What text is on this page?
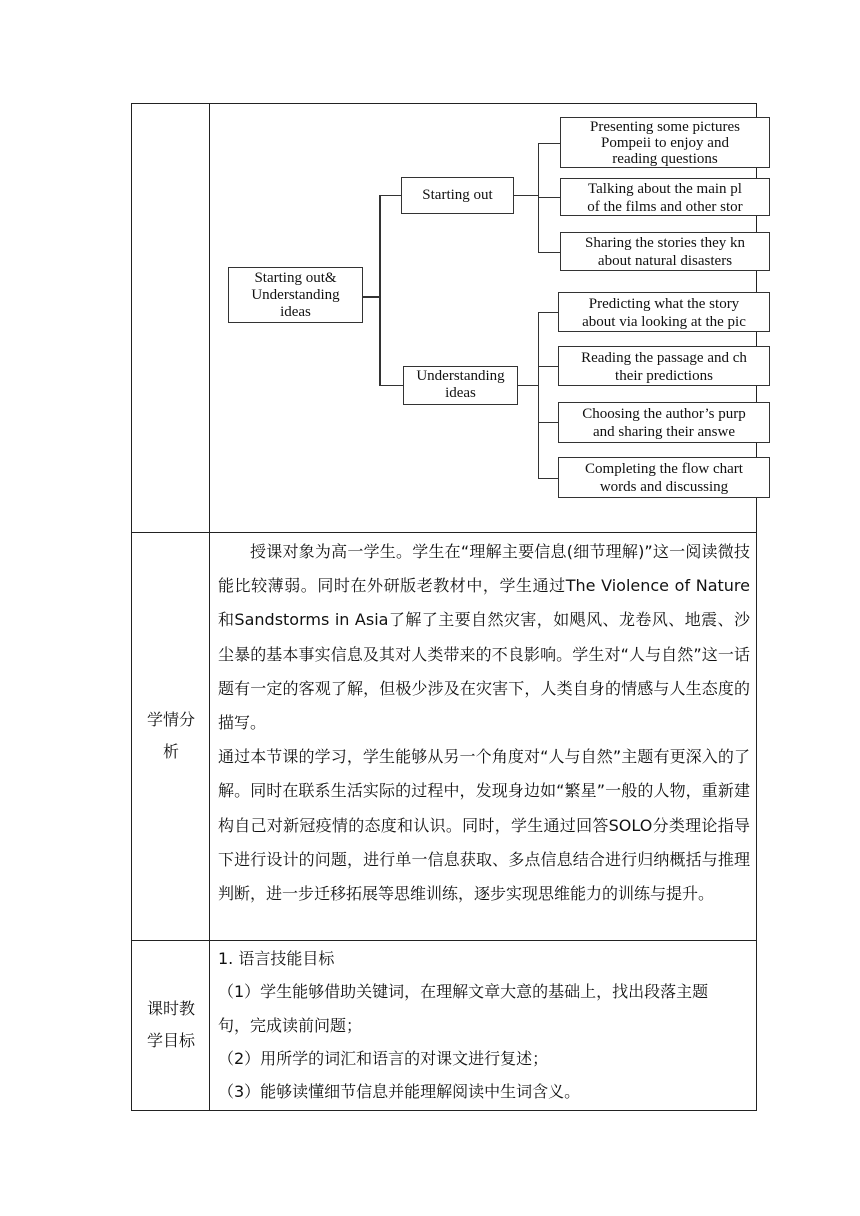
Starting out&
Understanding
ideas
Starting out
Presenting some pictures
Pompeii to enjoy and
reading questions
Talking about the main pl
of the films and other stor
Sharing the stories they kn
about natural disasters
Understanding
ideas
Predicting what the story
about via looking at the pic
Reading the passage and ch
their predictions
Choosing the author’s purp
and sharing their answe
Completing the flow chart
words and discussing
学情分
析

授课对象为高一学生。学生在“理解主要信息(细节理解)”这一阅读微技能比较薄弱。同时在外研版老教材中，学生通过The Violence of Nature和Sandstorms in Asia了解了主要自然灾害，如飓风、龙卷风、地震、沙尘暴的基本事实信息及其对人类带来的不良影响。学生对“人与自然”这一话题有一定的客观了解，但极少涉及在灾害下，人类自身的情感与人生态度的描写。

通过本节课的学习，学生能够从另一个角度对“人与自然”主题有更深入的了解。同时在联系生活实际的过程中，发现身边如“繁星”一般的人物，重新建构自己对新冠疫情的态度和认识。同时，学生通过回答SOLO分类理论指导下进行设计的问题，进行单一信息获取、多点信息结合进行归纳概括与推理判断，进一步迁移拓展等思维训练，逐步实现思维能力的训练与提升。

课时教
学目标
1. 语言技能目标
（1）学生能够借助关键词，在理解文章大意的基础上，找出段落主题
句，完成读前问题；
（2）用所学的词汇和语言的对课文进行复述；
（3）能够读懂细节信息并能理解阅读中生词含义。
